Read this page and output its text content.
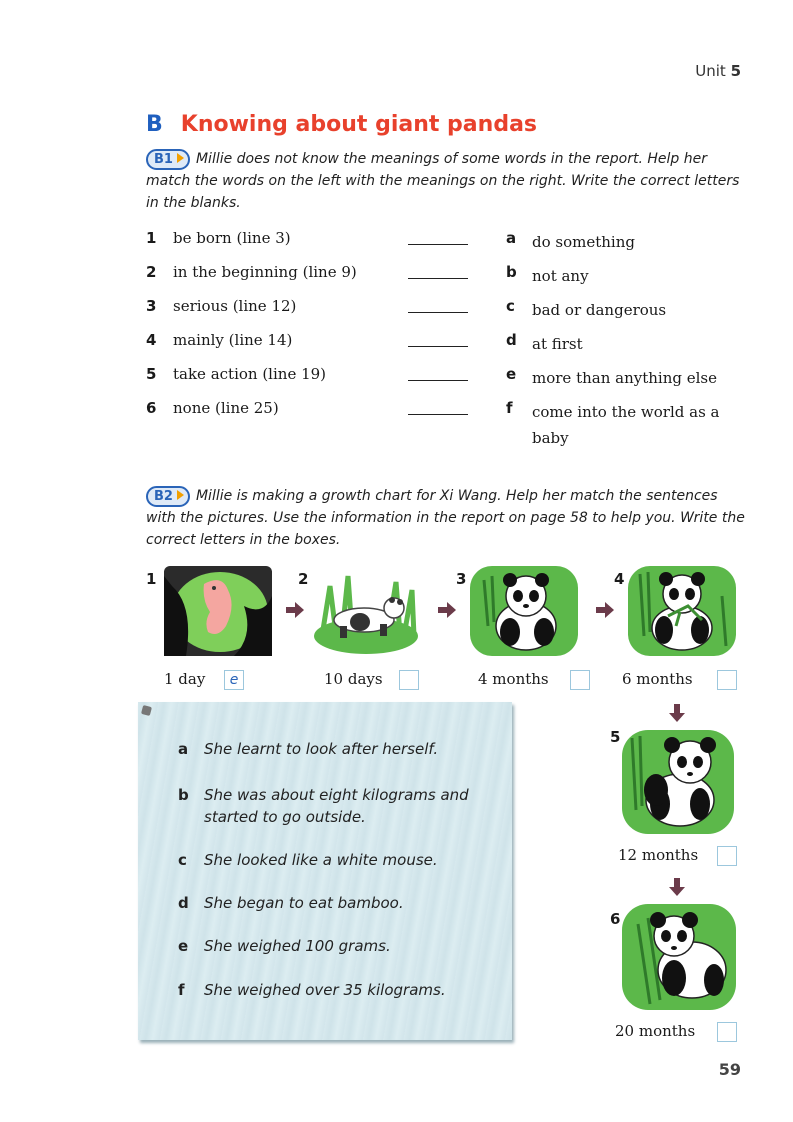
Unit 5
B Knowing about giant pandas

B1 Millie does not know the meanings of some words in the report. Help her match the words on the left with the meanings on the right. Write the correct letters in the blanks.

1 be born (line 3)	a do something
2 in the beginning (line 9)	b not any
3 serious (line 12)	c bad or dangerous
4 mainly (line 14)	d at first
5 take action (line 19)	e more than anything else
6 none (line 25)	f come into the world as a baby

B2 Millie is making a growth chart for Xi Wang. Help her match the sentences with the pictures. Use the information in the report on page 58 to help you. Write the correct letters in the boxes.

1	2	3	4
1 day	e	10 days	4 months	6 months
5
12 months
6
20 months
a She learnt to look after herself.
b She was about eight kilograms and started to go outside.
c She looked like a white mouse.
d She began to eat bamboo.
e She weighed 100 grams.
f She weighed over 35 kilograms.
59
